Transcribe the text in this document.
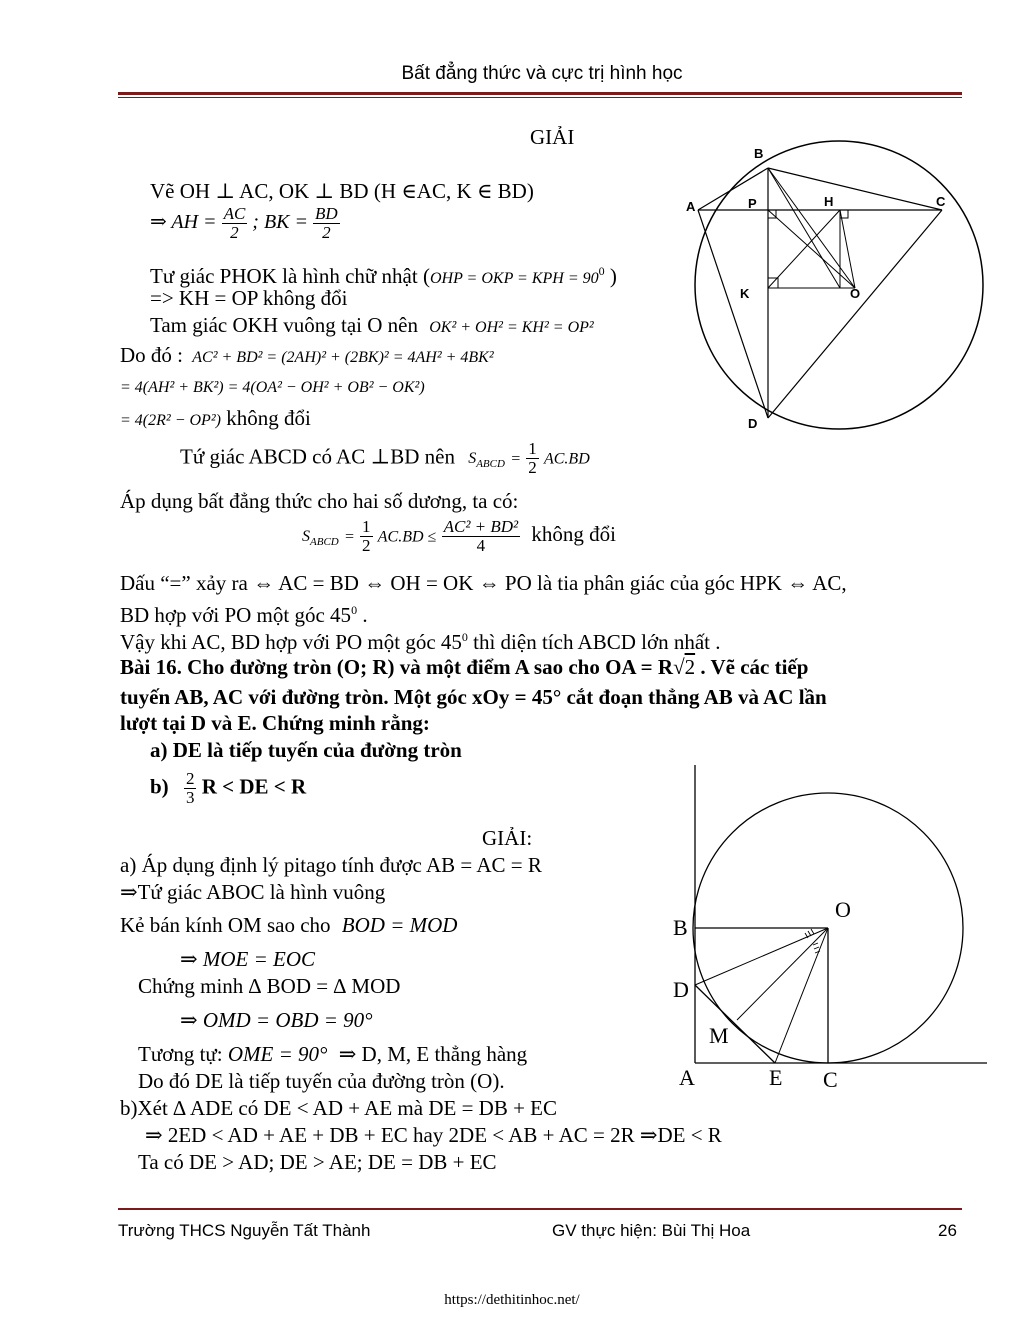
Bất đẳng thức và cực trị hình học
GIẢI
Vẽ OH ⊥ AC, OK ⊥ BD (H ∈AC, K ∈ BD)
⇒ AH = $\frac{AC}{2}$ ; BK = $\frac{BD}{2}$
Tư giác PHOK là hình chữ nhật (OHP = OKP = KPH = $90^0$ )
=> KH = OP không đổi
Tam giác OKH vuông tại O nên OK² + OH² = KH² = OP²
Do đó : AC² + BD² = (2AH)² + (2BK)² = 4AH² + 4BK²
= 4(AH² + BK²) = 4(OA² − OH² + OB² − OK²)
= 4(2R² − OP²) không đổi
Tứ giác ABCD có AC ⊥BD nên $S_{ABCD} = \frac{1}{2} AC.BD$
Áp dụng bất đẳng thức cho hai số dương, ta có:
$S_{ABCD} = \frac{1}{2} AC.BD \le \frac{\text{AC² + BD²}}{4}$ không đổi
Dấu “=” xảy ra ⇔ AC = BD ⇔ OH = OK ⇔ PO là tia phân giác của góc HPK ⇔ AC,
BD hợp với PO một góc $45^0$ .
Vậy khi AC, BD hợp với PO một góc $45^0$ thì diện tích ABCD lớn nhất .
B
A	P	H	C
K	O
D
Bài 16. Cho đường tròn (O; R) và một điểm A sao cho OA = R√2 . Vẽ các tiếp
tuyến AB, AC với đường tròn. Một góc xOy = 45° cắt đoạn thẳng AB và AC lần
lượt tại D và E. Chứng minh rằng:
a) DE là tiếp tuyến của đường tròn
$b) \frac{2}{3}$ R < DE < R
GIẢI:
a) Áp dụng định lý pitago tính được AB = AC = R
⇒Tứ giác ABOC là hình vuông
Kẻ bán kính OM sao cho BOD = MOD
⇒ MOE = EOC
Chứng minh ∆ BOD = ∆ MOD
⇒ OMD = OBD = 90°
Tương tự: OME = 90° ⇒ D, M, E thẳng hàng
Do đó DE là tiếp tuyến của đường tròn (O).
b)Xét ∆ ADE có DE < AD + AE mà DE = DB + EC
⇒ 2ED < AD + AE + DB + EC hay 2DE < AB + AC = 2R ⇒DE < R
Ta có DE > AD; DE > AE; DE = DB + EC
O
B
D
M
A	E C
Trường THCS Nguyễn Tất Thành	GV thực hiện: Bùi Thị Hoa	26
https://dethitinhoc.net/
